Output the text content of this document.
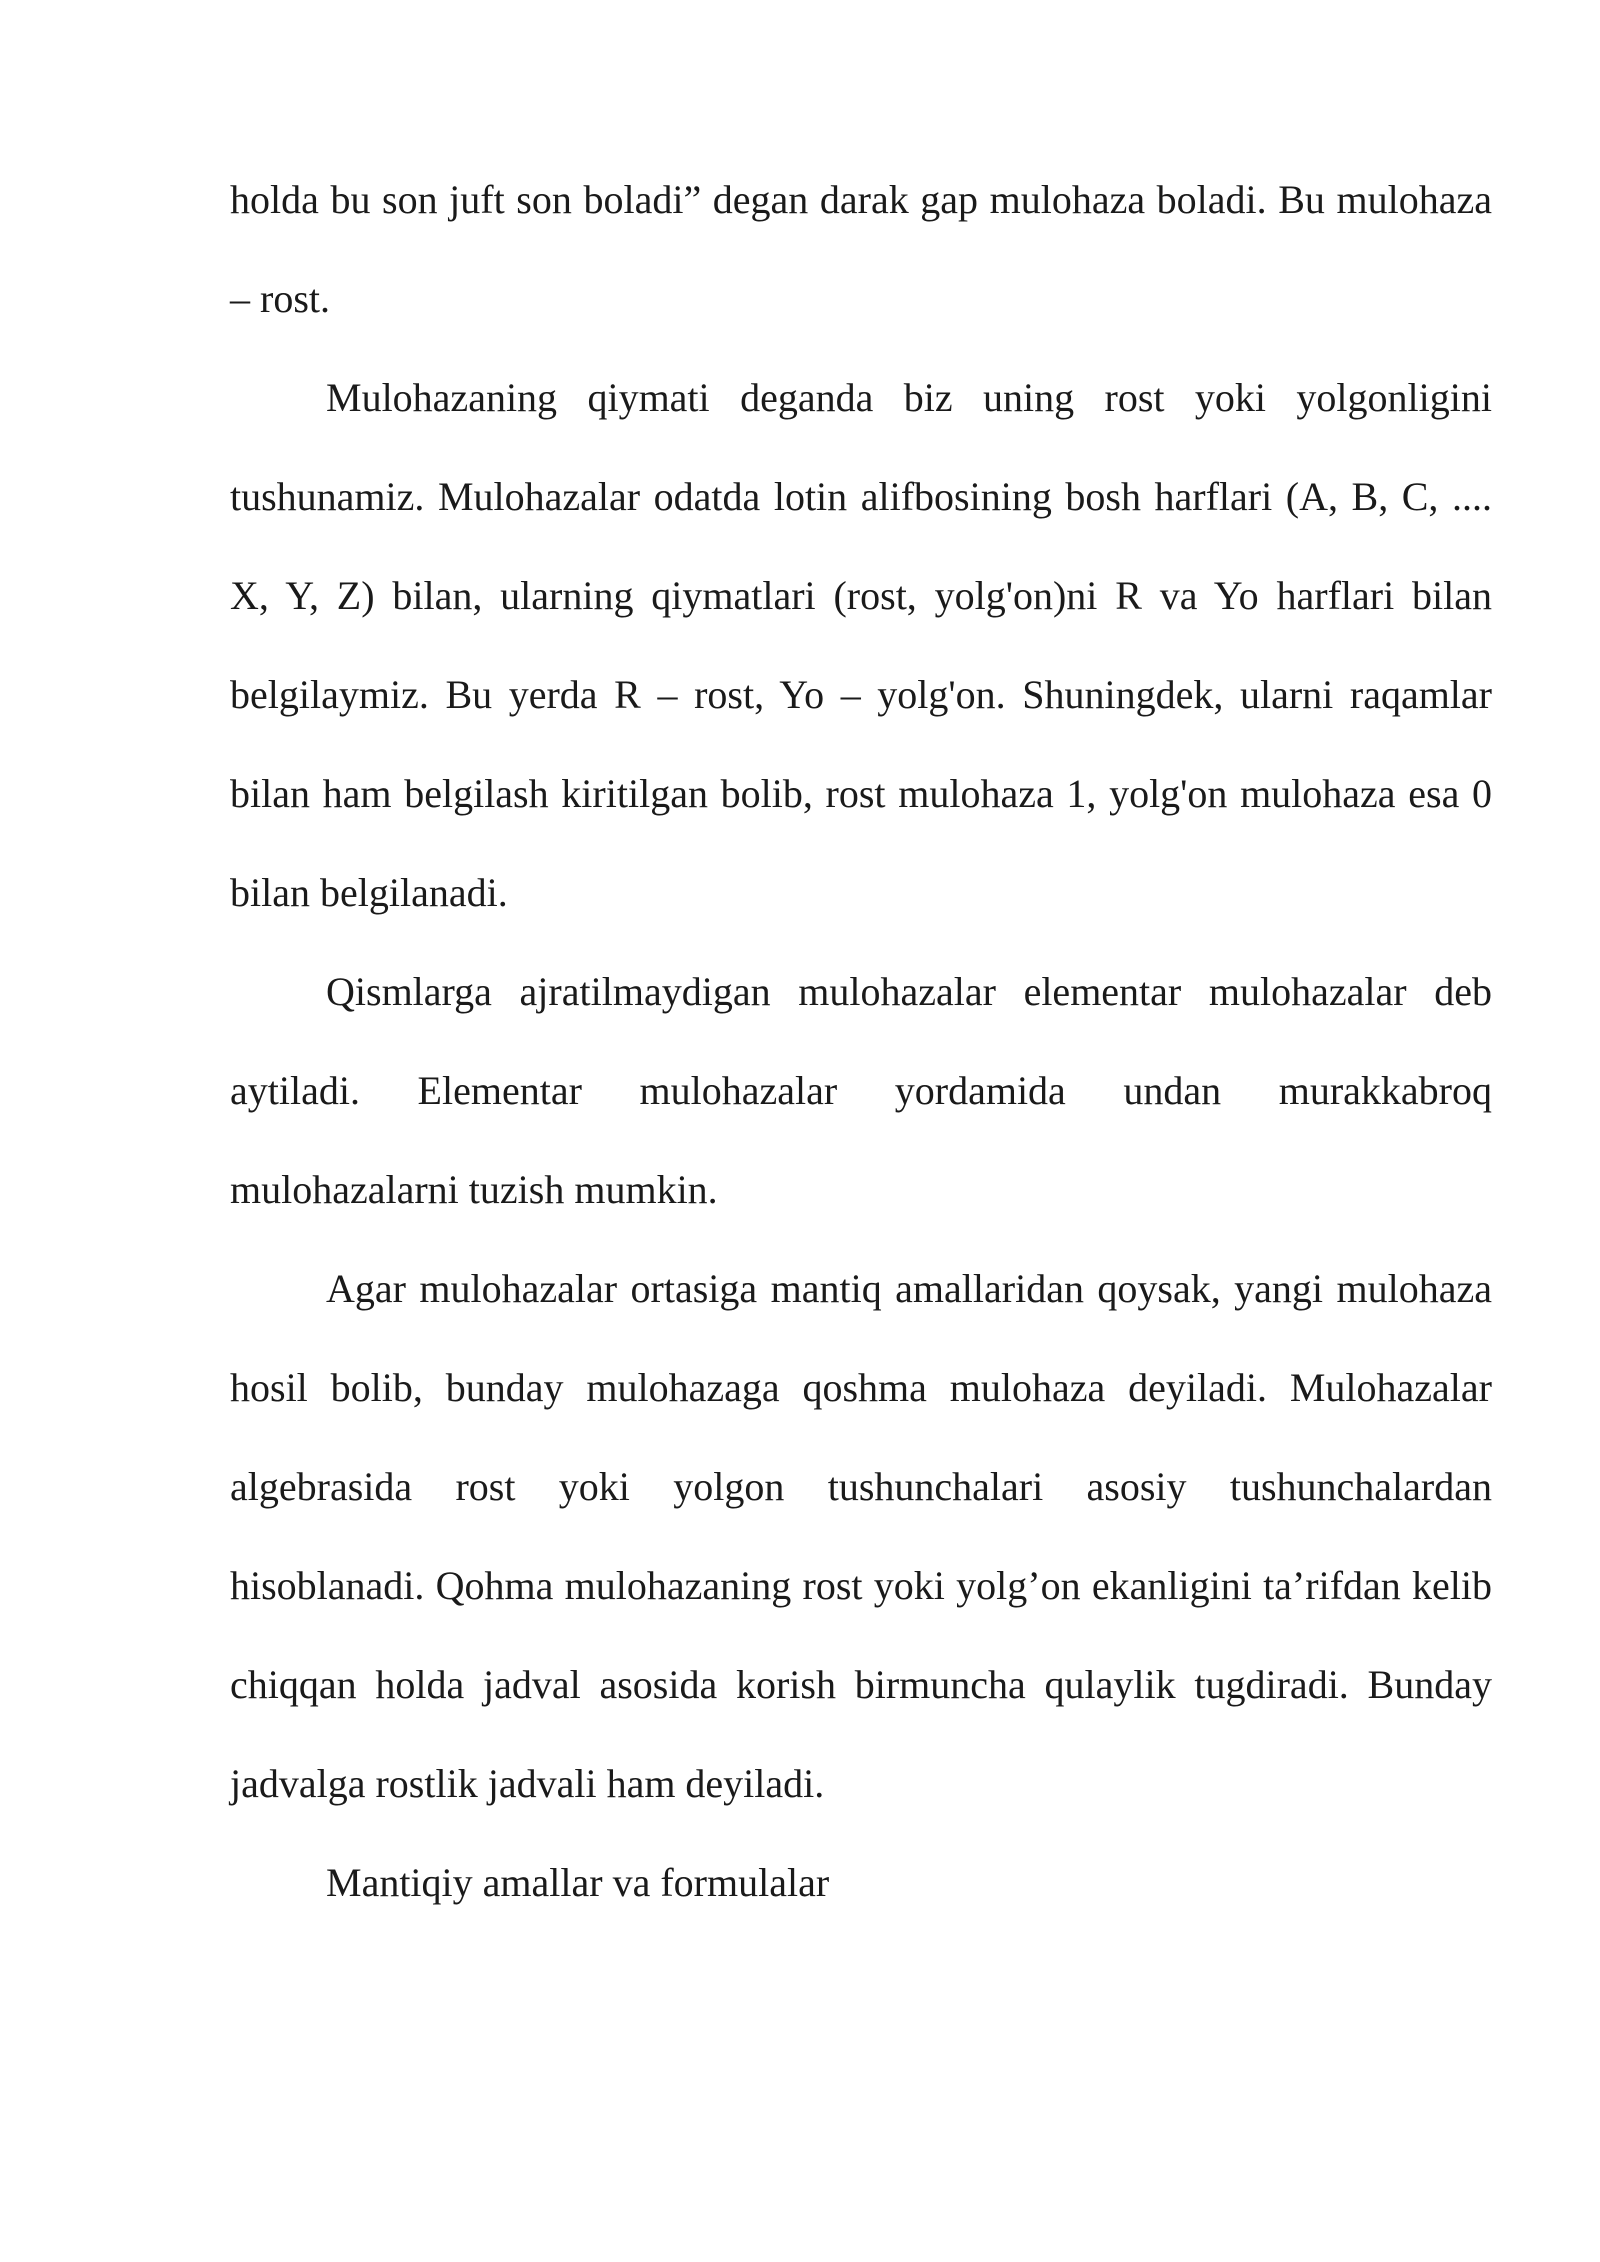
holda bu son juft son boladi” degan darak gap mulohaza boladi. Bu mulohaza – rost.

Mulohazaning qiymati deganda biz uning rost yoki yolgonligini tushunamiz. Mulohazalar odatda lotin alifbosining bosh harflari (A, B, C, .... X, Y, Z) bilan, ularning qiymatlari (rost, yolg'on)ni R va Yo harflari bilan belgilaymiz. Bu yerda R – rost, Yo – yolg'on. Shuningdek, ularni raqamlar bilan ham belgilash kiritilgan bolib, rost mulohaza 1, yolg'on mulohaza esa 0 bilan belgilanadi.

Qismlarga ajratilmaydigan mulohazalar elementar mulohazalar deb aytiladi. Elementar mulohazalar yordamida undan murakkabroq mulohazalarni tuzish mumkin.

Agar mulohazalar ortasiga mantiq amallaridan qoysak, yangi mulohaza hosil bolib, bunday mulohazaga qoshma mulohaza deyiladi. Mulohazalar algebrasida rost yoki yolgon tushunchalari asosiy tushunchalardan hisoblanadi. Qohma mulohazaning rost yoki yolg’on ekanligini ta’rifdan kelib chiqqan holda jadval asosida korish birmuncha qulaylik tugdiradi. Bunday jadvalga rostlik jadvali ham deyiladi.

Mantiqiy amallar va formulalar
